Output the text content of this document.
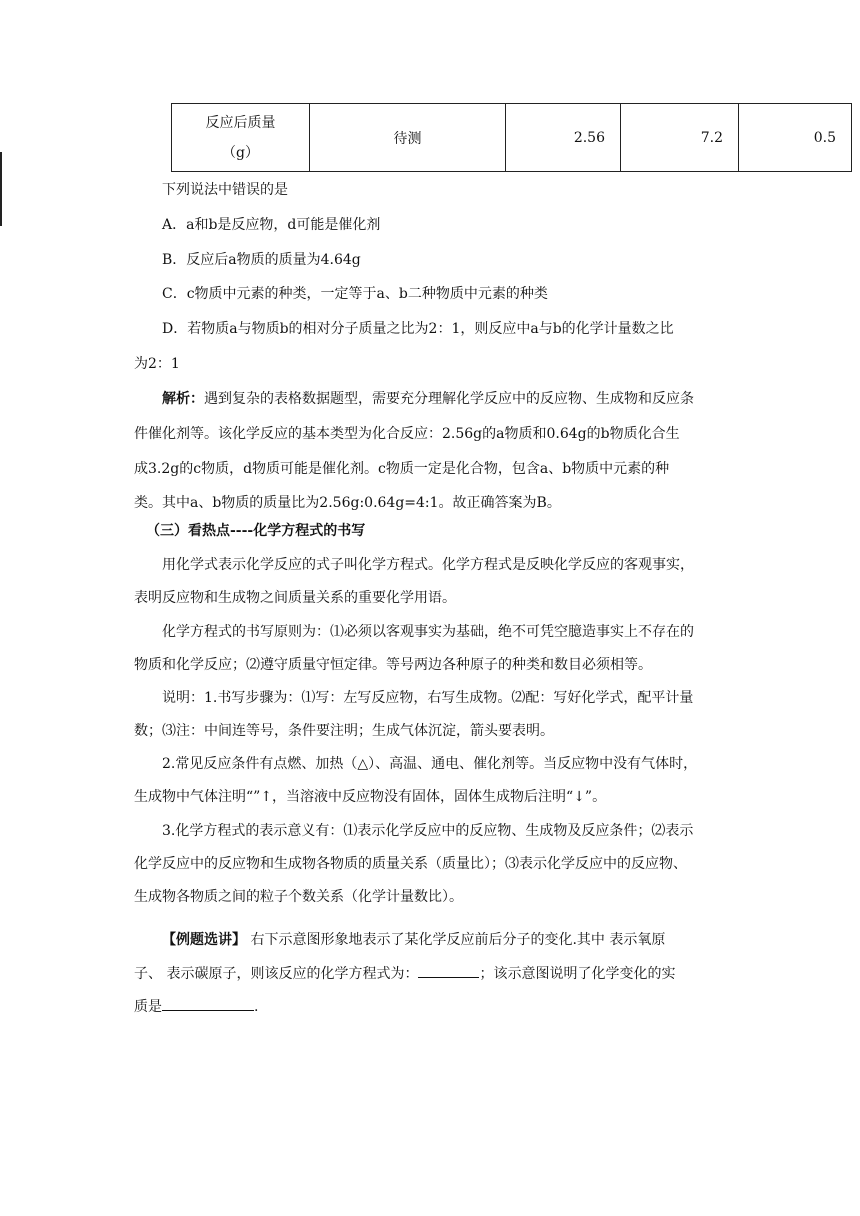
反应后质量
（g）
	待测	2.56	7.2	0.5
下列说法中错误的是
A．a和b是反应物，d可能是催化剂
B．反应后a物质的质量为4.64g
C．c物质中元素的种类，一定等于a、b二种物质中元素的种类
D．若物质a与物质b的相对分子质量之比为2：1，则反应中a与b的化学计量数之比
为2：1
解析：遇到复杂的表格数据题型，需要充分理解化学反应中的反应物、生成物和反应条
件催化剂等。该化学反应的基本类型为化合反应：2.56g的a物质和0.64g的b物质化合生
成3.2g的c物质，d物质可能是催化剂。c物质一定是化合物，包含a、b物质中元素的种
类。其中a、b物质的质量比为2.56g:0.64g=4:1。故正确答案为B。
（三）看热点----化学方程式的书写
用化学式表示化学反应的式子叫化学方程式。化学方程式是反映化学反应的客观事实，
表明反应物和生成物之间质量关系的重要化学用语。
化学方程式的书写原则为：⑴必须以客观事实为基础，绝不可凭空臆造事实上不存在的
物质和化学反应；⑵遵守质量守恒定律。等号两边各种原子的种类和数目必须相等。
说明：1.书写步骤为：⑴写：左写反应物，右写生成物。⑵配：写好化学式，配平计量
数；⑶注：中间连等号，条件要注明；生成气体沉淀，箭头要表明。
2.常见反应条件有点燃、加热（△）、高温、通电、催化剂等。当反应物中没有气体时，
生成物中气体注明“”↑，当溶液中反应物没有固体，固体生成物后注明“↓”。
3.化学方程式的表示意义有：⑴表示化学反应中的反应物、生成物及反应条件；⑵表示
化学反应中的反应物和生成物各物质的质量关系（质量比）；⑶表示化学反应中的反应物、
生成物各物质之间的粒子个数关系（化学计量数比）。
【例题选讲】 右下示意图形象地表示了某化学反应前后分子的变化.其中 表示氧原
子、 表示碳原子，则该反应的化学方程式为：	；该示意图说明了化学变化的实
质是	.
